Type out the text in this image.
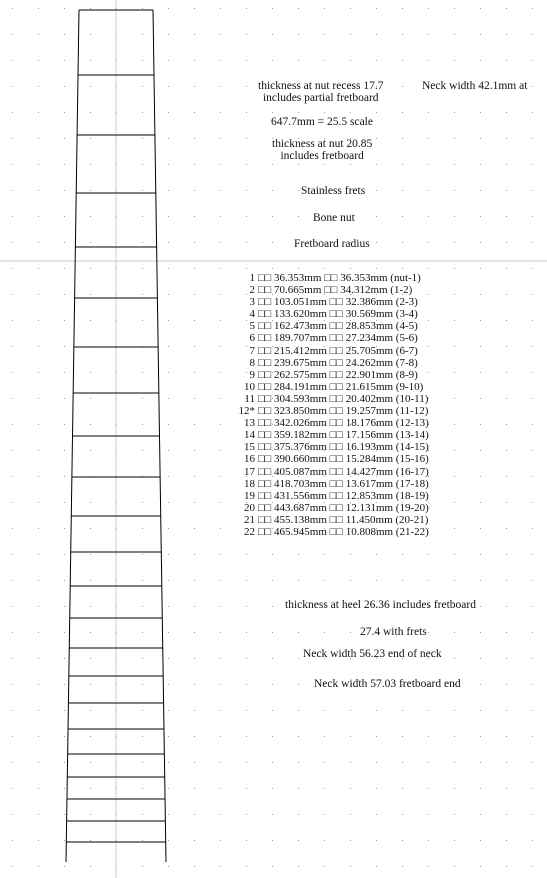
thickness at nut recess 17.7
includes partial fretboard
Neck width 42.1mm at
647.7mm = 25.5 scale
thickness at nut 20.85
includes fretboard
Stainless frets
Bone nut
Fretboard radius
1 □□ 36.353mm □□ 36.353mm (nut-1)
2 □□ 70.665mm □□ 34.312mm (1-2)
3 □□ 103.051mm □□ 32.386mm (2-3)
4 □□ 133.620mm □□ 30.569mm (3-4)
5 □□ 162.473mm □□ 28.853mm (4-5)
6 □□ 189.707mm □□ 27.234mm (5-6)
7 □□ 215.412mm □□ 25.705mm (6-7)
8 □□ 239.675mm □□ 24.262mm (7-8)
9 □□ 262.575mm □□ 22.901mm (8-9)
10 □□ 284.191mm □□ 21.615mm (9-10)
11 □□ 304.593mm □□ 20.402mm (10-11)
12* □□ 323.850mm □□ 19.257mm (11-12)
13 □□ 342.026mm □□ 18.176mm (12-13)
14 □□ 359.182mm □□ 17.156mm (13-14)
15 □□ 375.376mm □□ 16.193mm (14-15)
16 □□ 390.660mm □□ 15.284mm (15-16)
17 □□ 405.087mm □□ 14.427mm (16-17)
18 □□ 418.703mm □□ 13.617mm (17-18)
19 □□ 431.556mm □□ 12.853mm (18-19)
20 □□ 443.687mm □□ 12.131mm (19-20)
21 □□ 455.138mm □□ 11.450mm (20-21)
22 □□ 465.945mm □□ 10.808mm (21-22)
thickness at heel 26.36 includes fretboard
27.4 with frets
Neck width 56.23 end of neck
Neck width 57.03 fretboard end
